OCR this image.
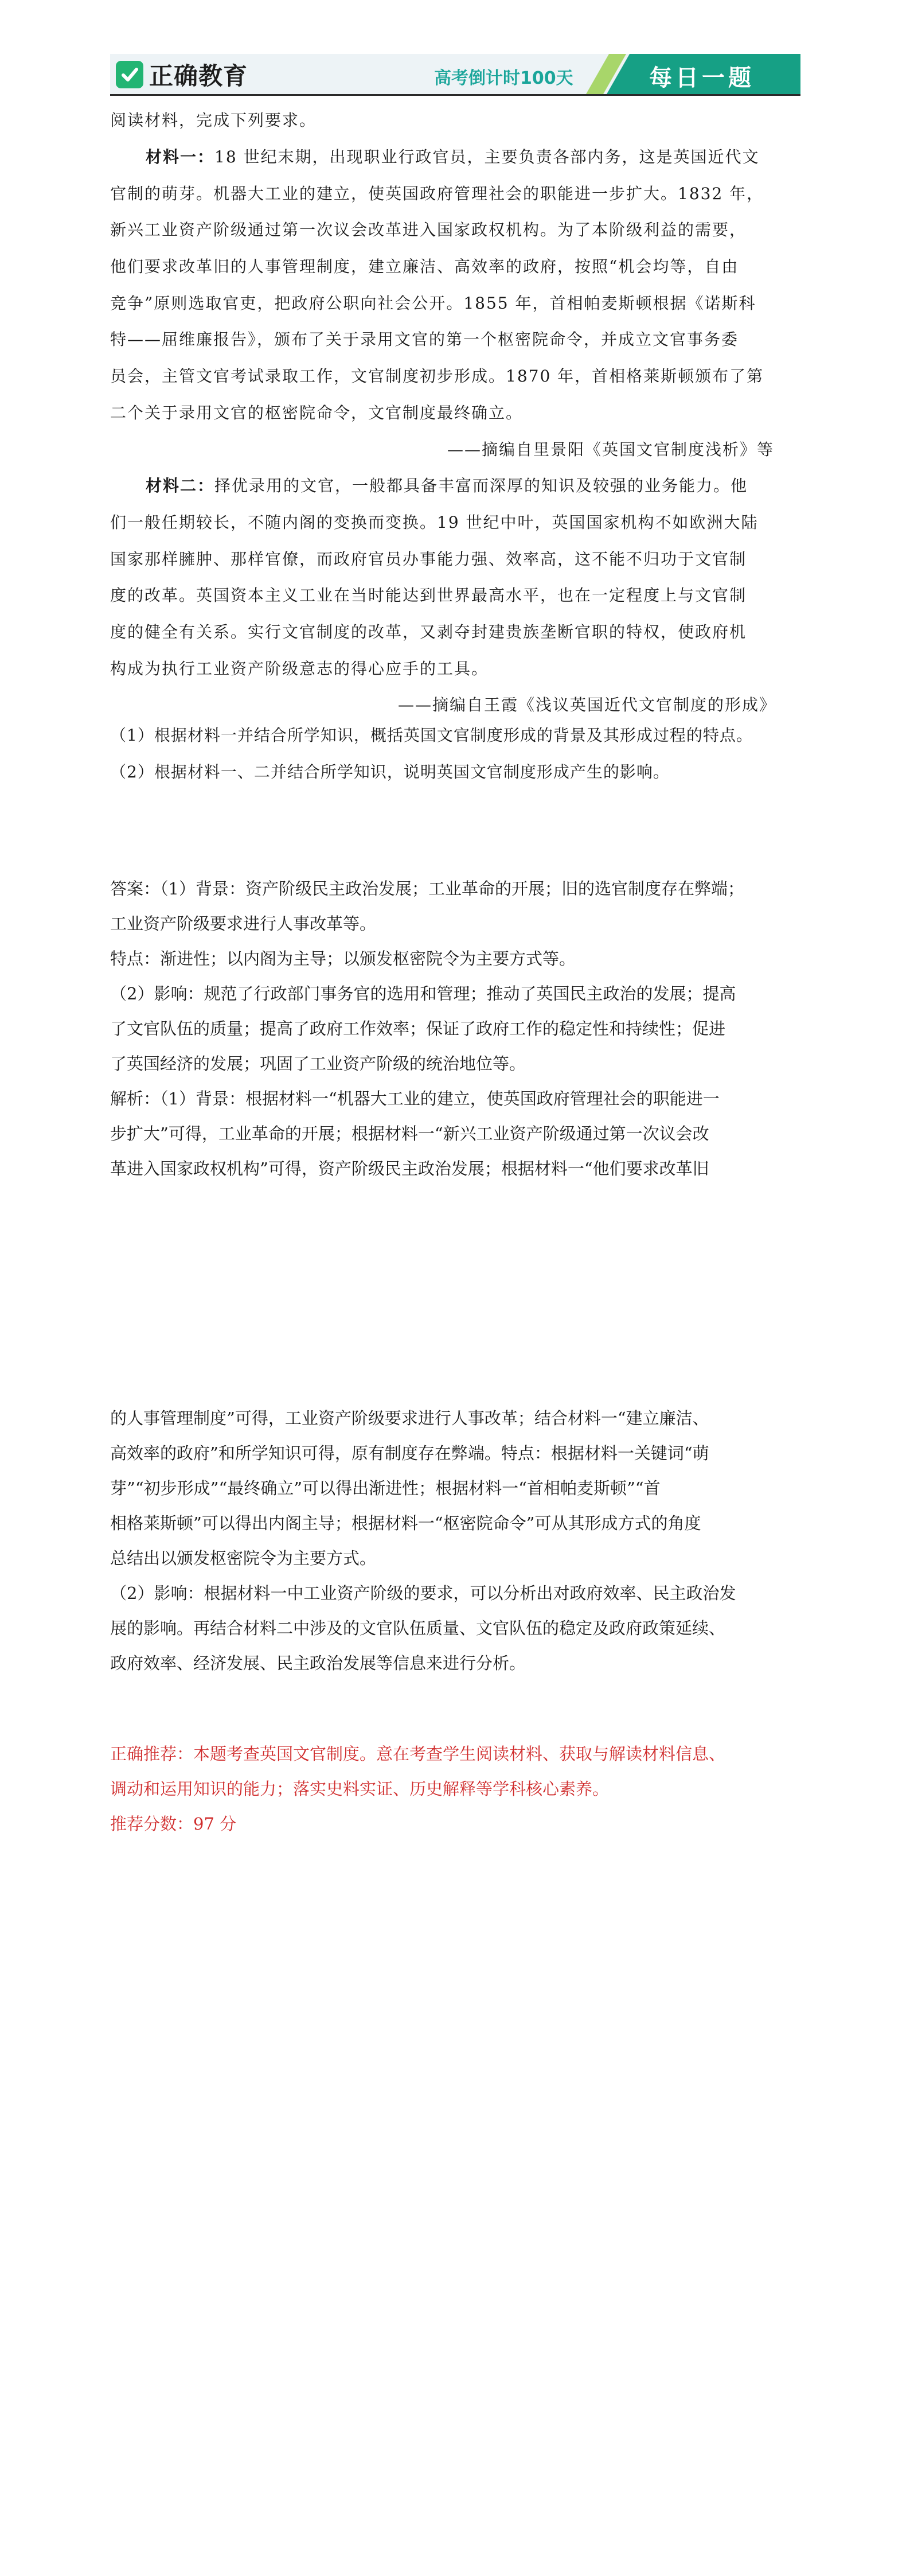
正确教育	高考倒计时100天	每日一题
阅读材料，完成下列要求。
材料一：18 世纪末期，出现职业行政官员，主要负责各部内务，这是英国近代文
官制的萌芽。机器大工业的建立，使英国政府管理社会的职能进一步扩大。1832 年，
新兴工业资产阶级通过第一次议会改革进入国家政权机构。为了本阶级利益的需要，
他们要求改革旧的人事管理制度，建立廉洁、高效率的政府，按照“机会均等，自由
竞争”原则选取官吏，把政府公职向社会公开。1855 年，首相帕麦斯顿根据《诺斯科
特——屈维廉报告》，颁布了关于录用文官的第一个枢密院命令，并成立文官事务委
员会，主管文官考试录取工作，文官制度初步形成。1870 年，首相格莱斯顿颁布了第
二个关于录用文官的枢密院命令，文官制度最终确立。
——摘编自里景阳《英国文官制度浅析》等
材料二：择优录用的文官，一般都具备丰富而深厚的知识及较强的业务能力。他
们一般任期较长，不随内阁的变换而变换。19 世纪中叶，英国国家机构不如欧洲大陆
国家那样臃肿、那样官僚，而政府官员办事能力强、效率高，这不能不归功于文官制
度的改革。英国资本主义工业在当时能达到世界最高水平，也在一定程度上与文官制
度的健全有关系。实行文官制度的改革，又剥夺封建贵族垄断官职的特权，使政府机
构成为执行工业资产阶级意志的得心应手的工具。
——摘编自王霞《浅议英国近代文官制度的形成》
（1）根据材料一并结合所学知识，概括英国文官制度形成的背景及其形成过程的特点。
（2）根据材料一、二并结合所学知识，说明英国文官制度形成产生的影响。
答案：（1）背景：资产阶级民主政治发展；工业革命的开展；旧的选官制度存在弊端；
工业资产阶级要求进行人事改革等。
特点：渐进性；以内阁为主导；以颁发枢密院令为主要方式等。
（2）影响：规范了行政部门事务官的选用和管理；推动了英国民主政治的发展；提高
了文官队伍的质量；提高了政府工作效率；保证了政府工作的稳定性和持续性；促进
了英国经济的发展；巩固了工业资产阶级的统治地位等。
解析：（1）背景：根据材料一“机器大工业的建立，使英国政府管理社会的职能进一
步扩大”可得，工业革命的开展；根据材料一“新兴工业资产阶级通过第一次议会改
革进入国家政权机构”可得，资产阶级民主政治发展；根据材料一“他们要求改革旧
的人事管理制度”可得，工业资产阶级要求进行人事改革；结合材料一“建立廉洁、
高效率的政府”和所学知识可得，原有制度存在弊端。特点：根据材料一关键词“萌
芽”“初步形成”“最终确立”可以得出渐进性；根据材料一“首相帕麦斯顿”“首
相格莱斯顿”可以得出内阁主导；根据材料一“枢密院命令”可从其形成方式的角度
总结出以颁发枢密院令为主要方式。
（2）影响：根据材料一中工业资产阶级的要求，可以分析出对政府效率、民主政治发
展的影响。再结合材料二中涉及的文官队伍质量、文官队伍的稳定及政府政策延续、
政府效率、经济发展、民主政治发展等信息来进行分析。
正确推荐：本题考查英国文官制度。意在考查学生阅读材料、获取与解读材料信息、
调动和运用知识的能力；落实史料实证、历史解释等学科核心素养。
推荐分数：97 分
